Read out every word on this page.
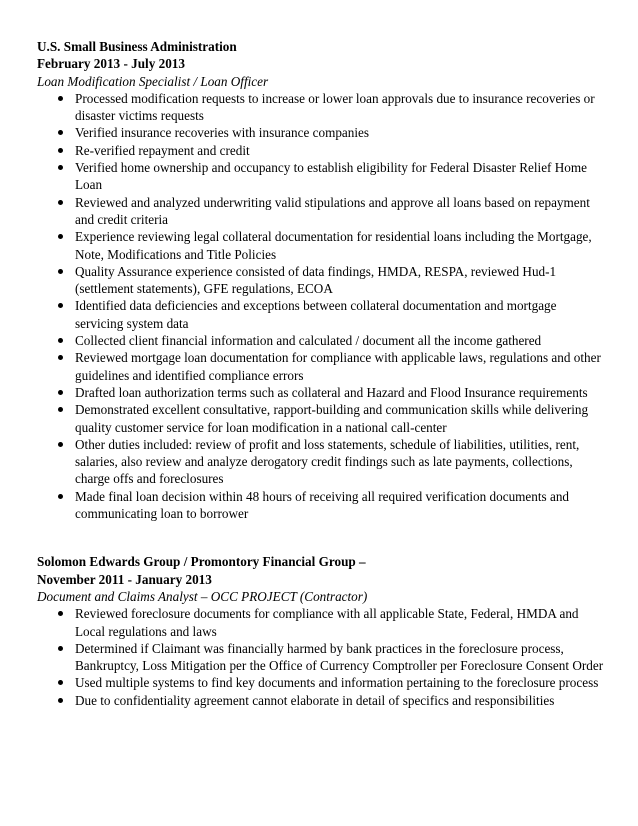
U.S. Small Business Administration
February 2013 - July 2013
Loan Modification Specialist / Loan Officer
Processed modification requests to increase or lower loan approvals due to insurance recoveries or disaster victims requests
Verified insurance recoveries with insurance companies
Re-verified repayment and credit
Verified home ownership and occupancy to establish eligibility for Federal Disaster Relief Home Loan
Reviewed and analyzed underwriting valid stipulations and approve all loans based on repayment and credit criteria
Experience reviewing legal collateral documentation for residential loans including the Mortgage, Note, Modifications and Title Policies
Quality Assurance experience consisted of data findings, HMDA, RESPA, reviewed Hud-1 (settlement statements), GFE regulations, ECOA
Identified data deficiencies and exceptions between collateral documentation and mortgage servicing system data
Collected client financial information and calculated / document all the income gathered
Reviewed mortgage loan documentation for compliance with applicable laws, regulations and other guidelines and identified compliance errors
Drafted loan authorization terms such as collateral and Hazard and Flood Insurance requirements
Demonstrated excellent consultative, rapport-building and communication skills while delivering quality customer service for loan modification in a national call-center
Other duties included: review of profit and loss statements, schedule of liabilities, utilities, rent, salaries, also review and analyze derogatory credit findings such as late payments, collections, charge offs and foreclosures
Made final loan decision within 48 hours of receiving all required verification documents and communicating loan to borrower
Solomon Edwards Group / Promontory Financial Group –
November 2011 - January 2013
Document and Claims Analyst – OCC PROJECT (Contractor)
Reviewed foreclosure documents for compliance with all applicable State, Federal, HMDA and Local regulations and laws
Determined if Claimant was financially harmed by bank practices in the foreclosure process, Bankruptcy, Loss Mitigation per the Office of Currency Comptroller per Foreclosure Consent Order
Used multiple systems to find key documents and information pertaining to the foreclosure process
Due to confidentiality agreement cannot elaborate in detail of specifics and responsibilities
